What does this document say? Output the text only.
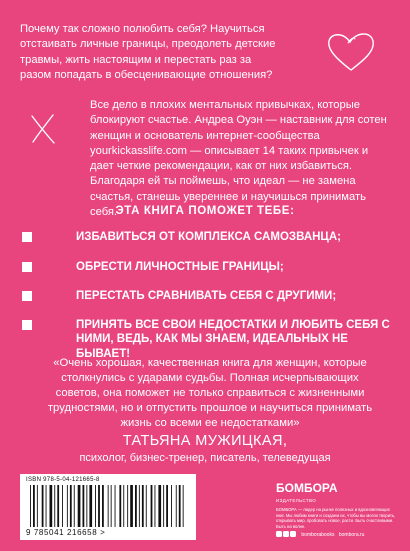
Почему так сложно полюбить себя? Научиться отстаивать личные границы, преодолеть детские травмы, жить настоящим и перестать раз за разом попадать в обесценивающие отношения?
Все дело в плохих ментальных привычках, которые блокируют счастье. Андреа Оуэн — наставник для сотен женщин и основатель интернет-сообщества yourkickasslife.com — описывает 14 таких привычек и дает четкие рекомендации, как от них избавиться. Благодаря ей ты поймешь, что идеал — не замена счастья, станешь увереннее и научишься принимать себя.
ЭТА КНИГА ПОМОЖЕТ ТЕБЕ:
ИЗБАВИТЬСЯ ОТ КОМПЛЕКСА САМОЗВАНЦА;
ОБРЕСТИ ЛИЧНОСТНЫЕ ГРАНИЦЫ;
ПЕРЕСТАТЬ СРАВНИВАТЬ СЕБЯ С ДРУГИМИ;
ПРИНЯТЬ ВСЕ СВОИ НЕДОСТАТКИ И ЛЮБИТЬ СЕБЯ С НИМИ, ВЕДЬ, КАК МЫ ЗНАЕМ, ИДЕАЛЬНЫХ НЕ БЫВАЕТ!
«Очень хорошая, качественная книга для женщин, которые столкнулись с ударами судьбы. Полная исчерпывающих советов, она поможет не только справиться с жизненными трудностями, но и отпустить прошлое и научиться принимать жизнь со всеми ее недостатками»
ТАТЬЯНА МУЖИЦКАЯ,
психолог, бизнес-тренер, писатель, телеведущая
ISBN 978-5-04-121665-8
9 785041 216658 >
БОМБОРА
ИЗДАТЕЛЬСТВО
БОМБОРА — лидер на рынке полезных и вдохновляющих книг. Мы любим книги и создаем их, чтобы вы могли творить, открывать мир, пробовать новое, расти. Быть счастливыми. Быть на волне.
bomborabooks bombora.ru
